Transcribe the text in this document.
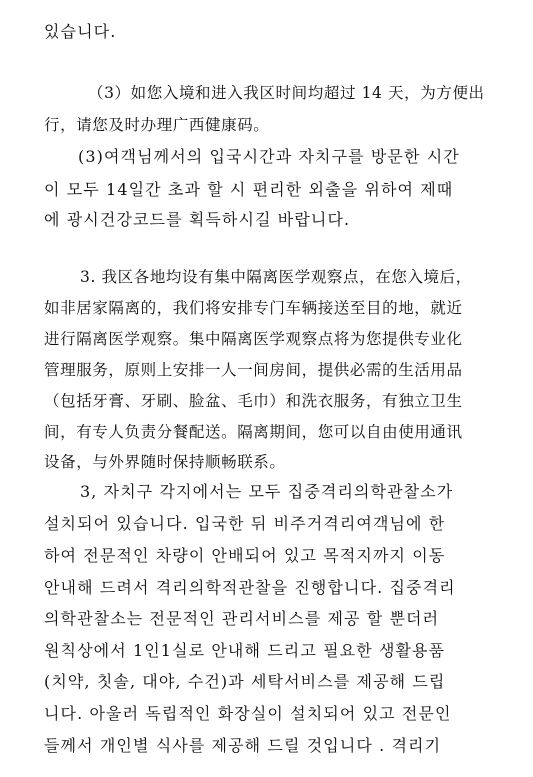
있습니다.
（3）如您入境和进入我区时间均超过 14 天，为方便出
行，请您及时办理广西健康码。
(3)여객님께서의 입국시간과 자치구를 방문한 시간
이 모두 14일간 초과 할 시 편리한 외출을 위하여 제때
에 광시건강코드를 획득하시길 바랍니다.
3. 我区各地均设有集中隔离医学观察点，在您入境后，
如非居家隔离的，我们将安排专门车辆接送至目的地，就近
进行隔离医学观察。集中隔离医学观察点将为您提供专业化
管理服务，原则上安排一人一间房间，提供必需的生活用品
（包括牙膏、牙刷、脸盆、毛巾）和洗衣服务，有独立卫生
间，有专人负责分餐配送。隔离期间，您可以自由使用通讯
设备，与外界随时保持顺畅联系。
3, 자치구 각지에서는 모두 집중격리의학관찰소가
설치되어 있습니다. 입국한 뒤 비주거격리여객님에 한
하여 전문적인 차량이 안배되어 있고 목적지까지 이동
안내해 드려서 격리의학적관찰을 진행합니다. 집중격리
의학관찰소는 전문적인 관리서비스를 제공 할 뿐더러
원칙상에서 1인1실로 안내해 드리고 필요한 생활용품
(치약, 칫솔, 대야, 수건)과 세탁서비스를 제공해 드립
니다. 아울러 독립적인 화장실이 설치되어 있고 전문인
들께서 개인별 식사를 제공해 드릴 것입니다 . 격리기
